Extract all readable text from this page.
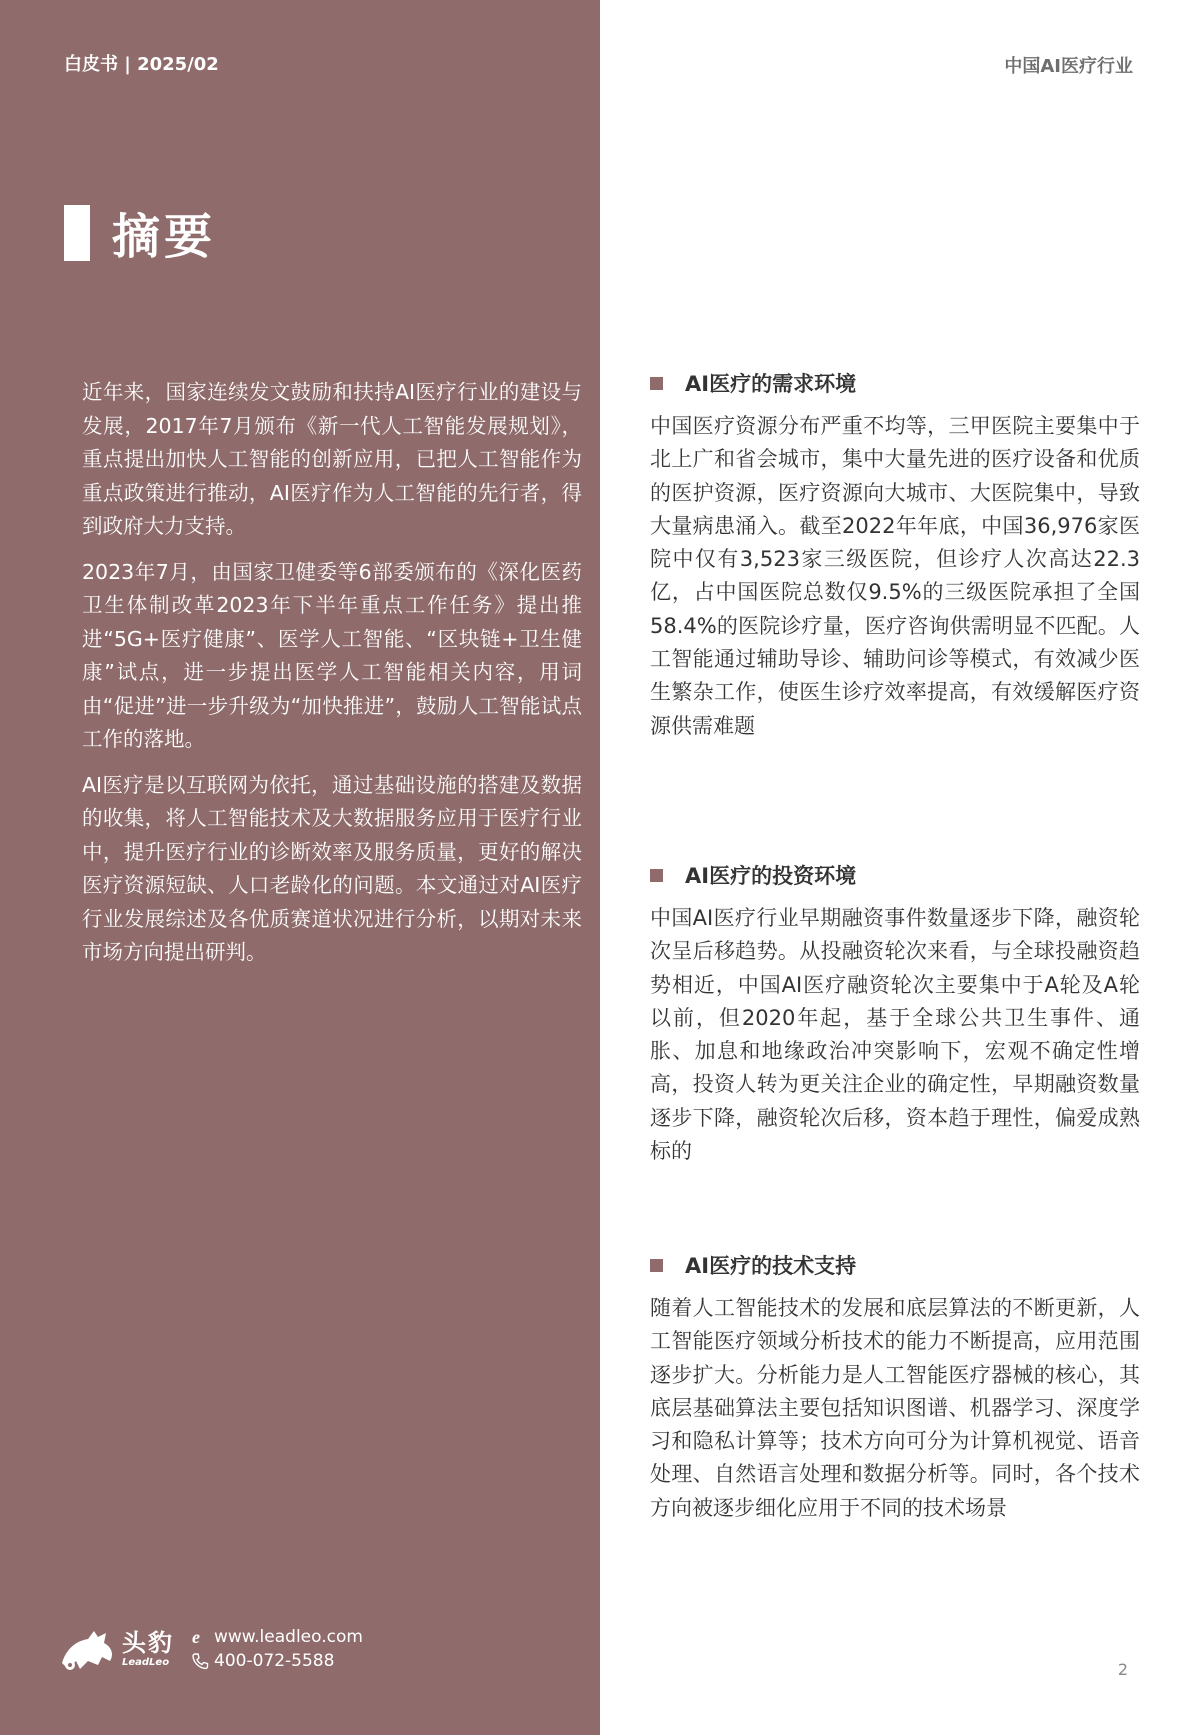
白皮书 | 2025/02	中国AI医疗行业
摘要

近年来，国家连续发文鼓励和扶持AI医疗行业的建设与发展，2017年7月颁布《新一代人工智能发展规划》，重点提出加快人工智能的创新应用，已把人工智能作为重点政策进行推动，AI医疗作为人工智能的先行者，得到政府大力支持。

2023年7月，由国家卫健委等6部委颁布的《深化医药卫生体制改革2023年下半年重点工作任务》提出推进“5G+医疗健康”、医学人工智能、“区块链+卫生健康”试点，进一步提出医学人工智能相关内容，用词由“促进”进一步升级为“加快推进”，鼓励人工智能试点工作的落地。

AI医疗是以互联网为依托，通过基础设施的搭建及数据的收集，将人工智能技术及大数据服务应用于医疗行业中，提升医疗行业的诊断效率及服务质量，更好的解决医疗资源短缺、人口老龄化的问题。本文通过对AI医疗行业发展综述及各优质赛道状况进行分析，以期对未来市场方向提出研判。

AI医疗的需求环境

中国医疗资源分布严重不均等，三甲医院主要集中于北上广和省会城市，集中大量先进的医疗设备和优质的医护资源，医疗资源向大城市、大医院集中，导致大量病患涌入。截至2022年年底，中国36,976家医院中仅有3,523家三级医院，但诊疗人次高达22.3亿，占中国医院总数仅9.5%的三级医院承担了全国58.4%的医院诊疗量，医疗咨询供需明显不匹配。人工智能通过辅助导诊、辅助问诊等模式，有效减少医生繁杂工作，使医生诊疗效率提高，有效缓解医疗资源供需难题

AI医疗的投资环境

中国AI医疗行业早期融资事件数量逐步下降，融资轮次呈后移趋势。从投融资轮次来看，与全球投融资趋势相近，中国AI医疗融资轮次主要集中于A轮及A轮以前，但2020年起，基于全球公共卫生事件、通胀、加息和地缘政治冲突影响下，宏观不确定性增高，投资人转为更关注企业的确定性，早期融资数量逐步下降，融资轮次后移，资本趋于理性，偏爱成熟标的

AI医疗的技术支持

随着人工智能技术的发展和底层算法的不断更新，人工智能医疗领域分析技术的能力不断提高，应用范围逐步扩大。分析能力是人工智能医疗器械的核心，其底层基础算法主要包括知识图谱、机器学习、深度学习和隐私计算等；技术方向可分为计算机视觉、语音处理、自然语言处理和数据分析等。同时，各个技术方向被逐步细化应用于不同的技术场景

头豹
LeadLeo
e www.leadleo.com
400-072-5588	2
